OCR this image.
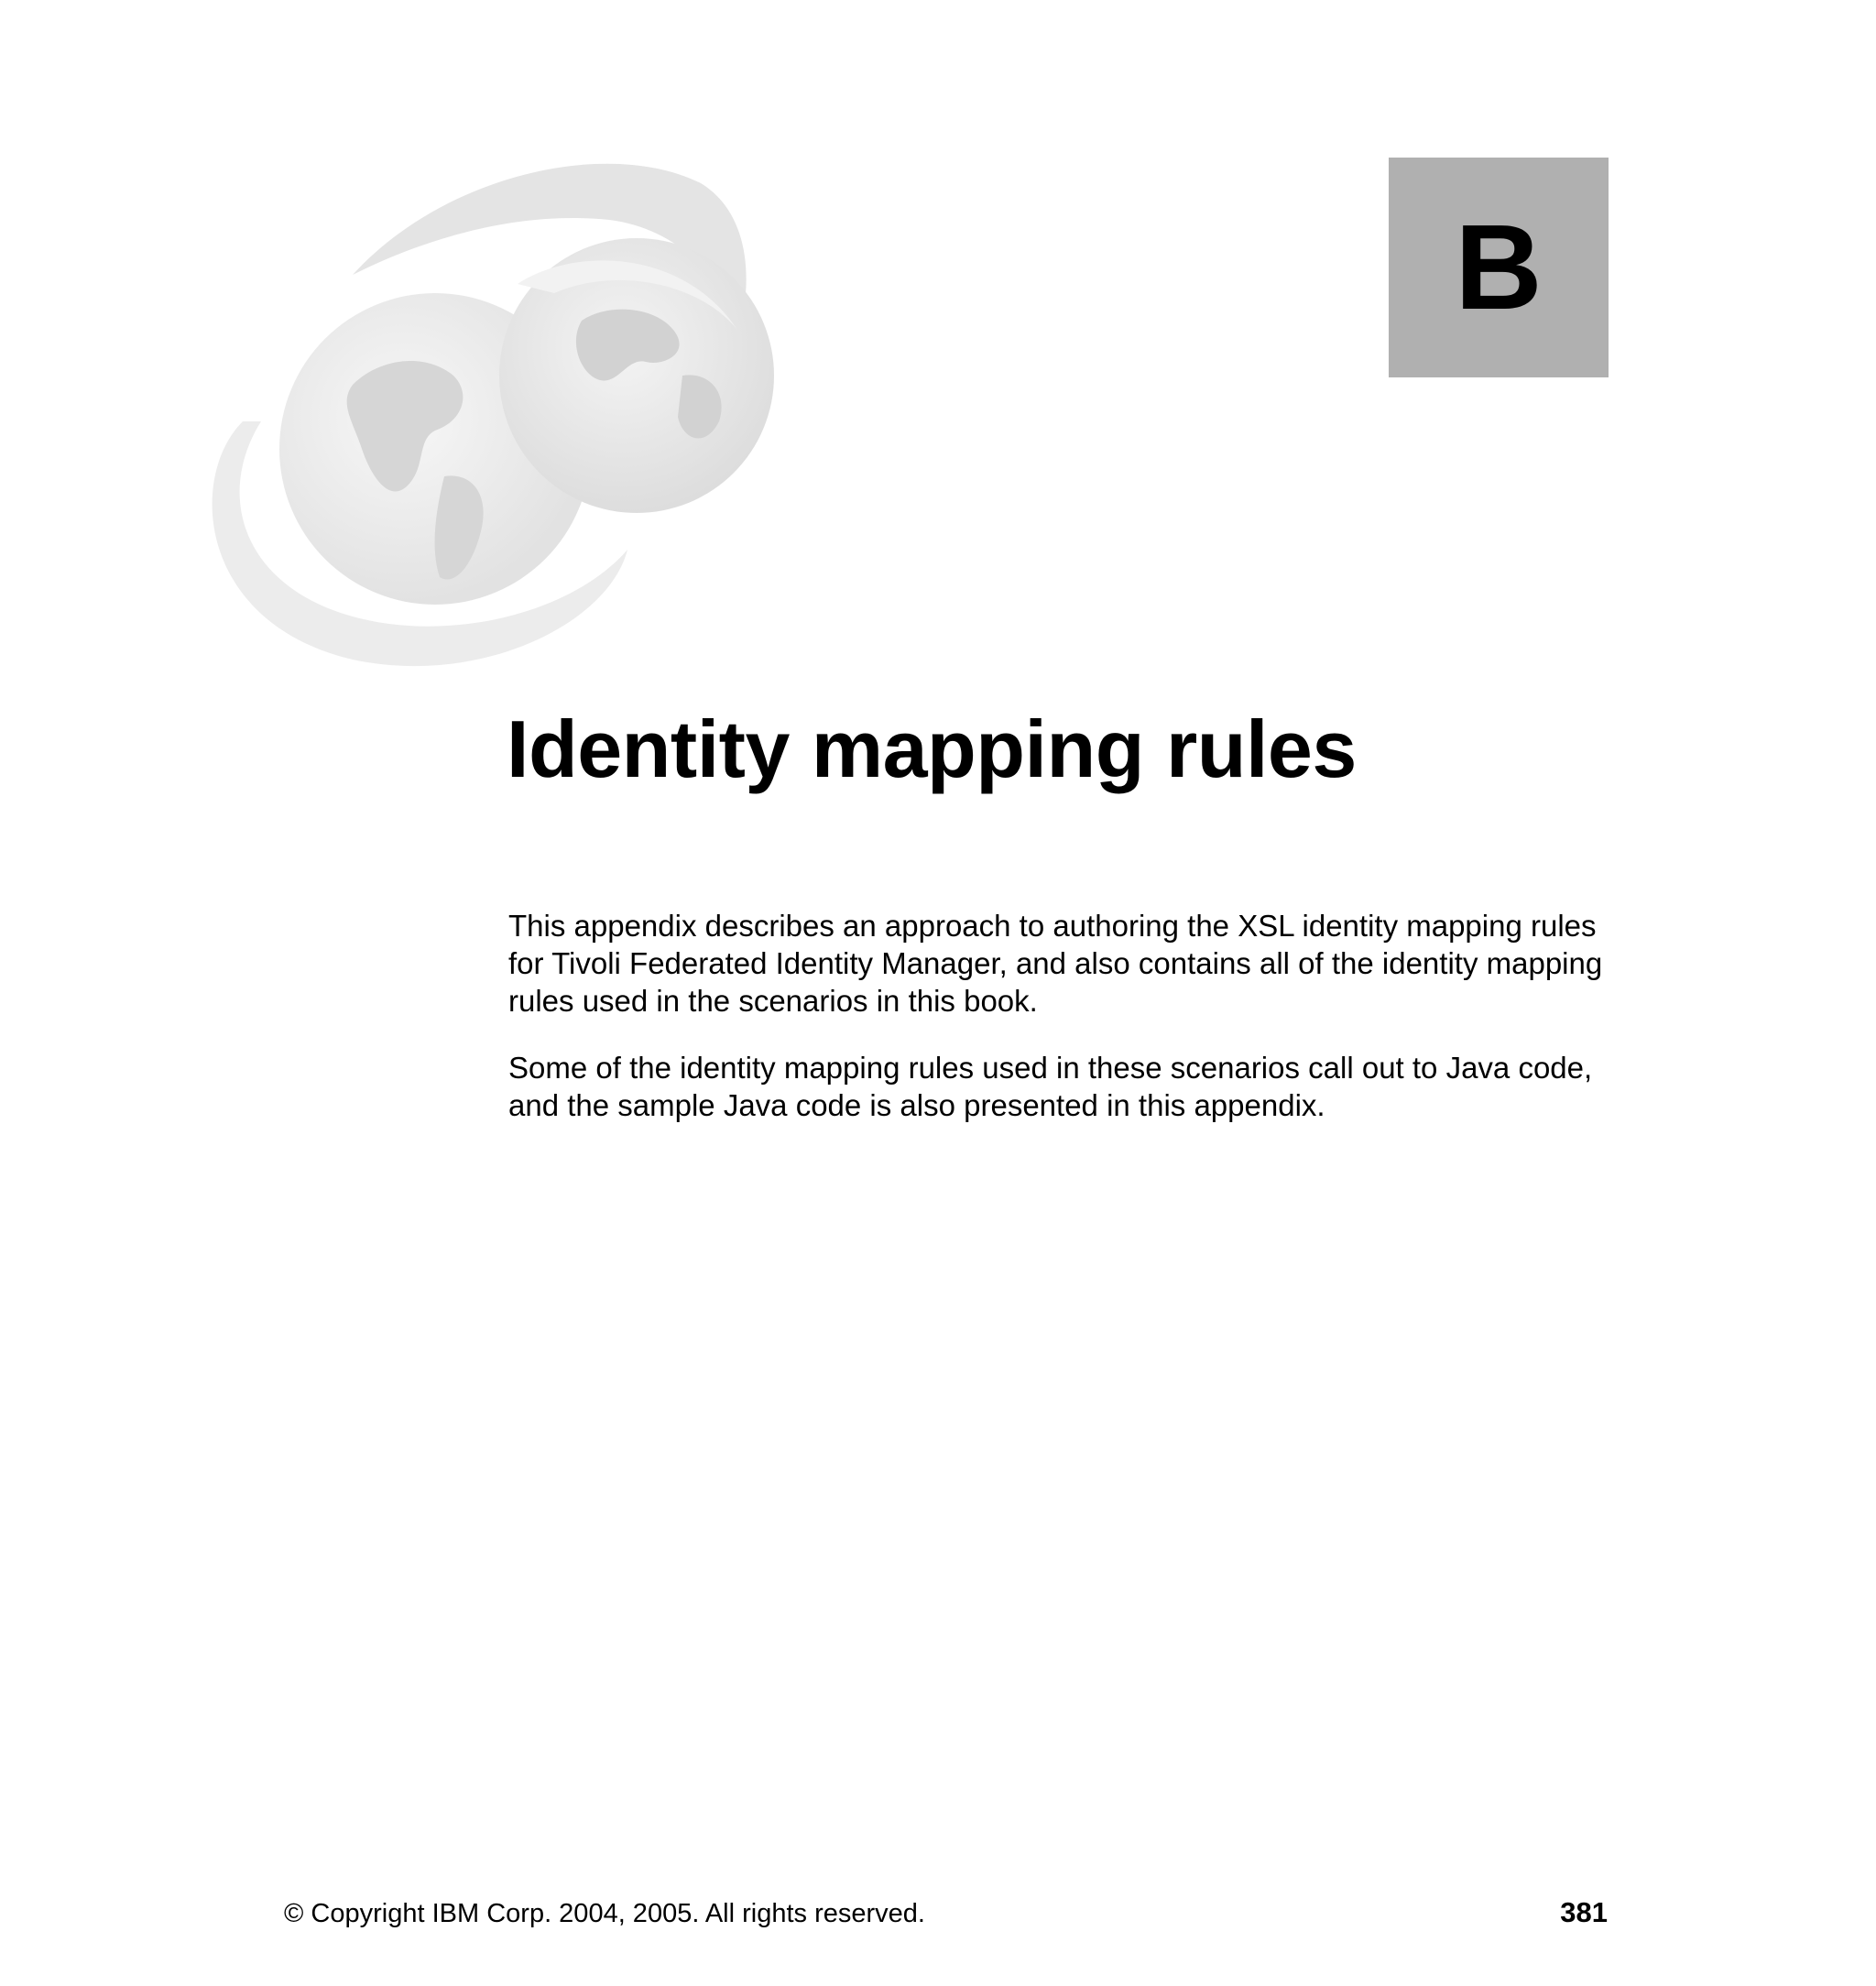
B
Identity mapping rules

This appendix describes an approach to authoring the XSL identity mapping rules for Tivoli Federated Identity Manager, and also contains all of the identity mapping rules used in the scenarios in this book.

Some of the identity mapping rules used in these scenarios call out to Java code, and the sample Java code is also presented in this appendix.

© Copyright IBM Corp. 2004, 2005. All rights reserved.	381
